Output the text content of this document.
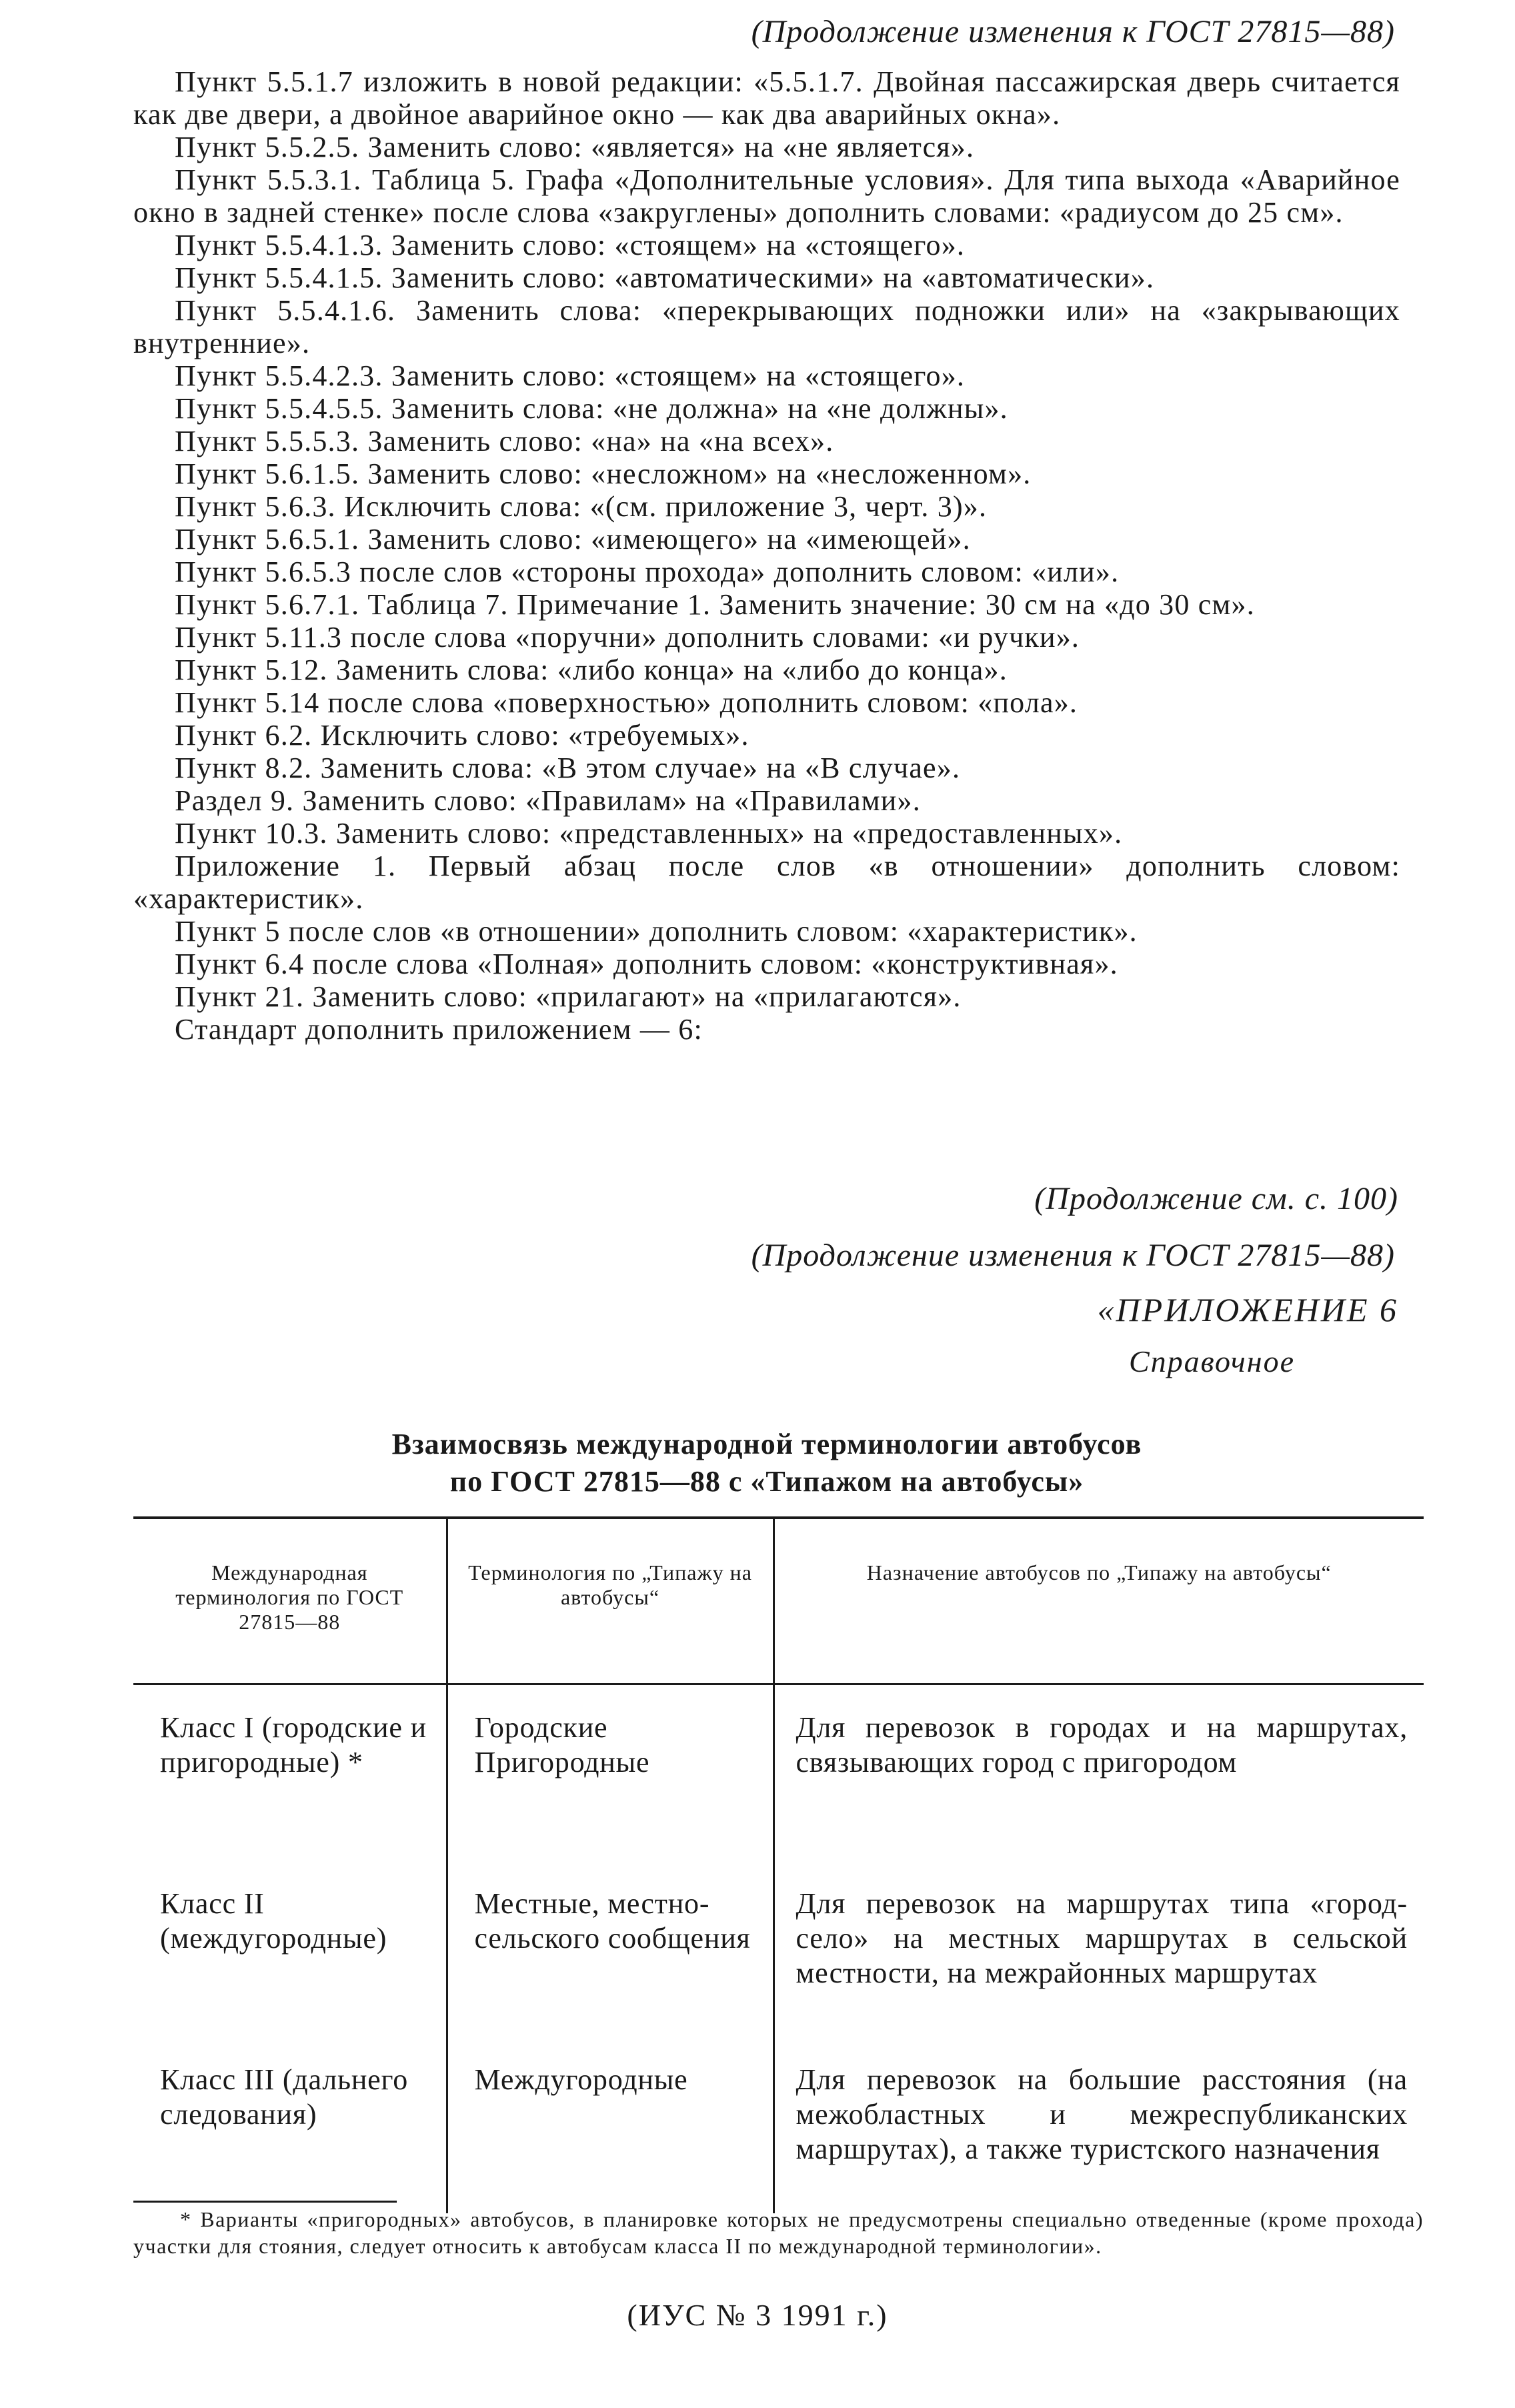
(Продолжение изменения к ГОСТ 27815—88)

Пункт 5.5.1.7 изложить в новой редакции: «5.5.1.7. Двойная пассажирская дверь считается как две двери, а двойное аварийное окно — как два аварийных окна».

Пункт 5.5.2.5. Заменить слово: «является» на «не является».

Пункт 5.5.3.1. Таблица 5. Графа «Дополнительные условия». Для типа выхода «Аварийное окно в задней стенке» после слова «закруглены» дополнить словами: «радиусом до 25 см».

Пункт 5.5.4.1.3. Заменить слово: «стоящем» на «стоящего».

Пункт 5.5.4.1.5. Заменить слово: «автоматическими» на «автоматически».

Пункт 5.5.4.1.6. Заменить слова: «перекрывающих подножки или» на «закрывающих внутренние».

Пункт 5.5.4.2.3. Заменить слово: «стоящем» на «стоящего».

Пункт 5.5.4.5.5. Заменить слова: «не должна» на «не должны».

Пункт 5.5.5.3. Заменить слово: «на» на «на всех».

Пункт 5.6.1.5. Заменить слово: «несложном» на «несложенном».

Пункт 5.6.3. Исключить слова: «(см. приложение 3, черт. 3)».

Пункт 5.6.5.1. Заменить слово: «имеющего» на «имеющей».

Пункт 5.6.5.3 после слов «стороны прохода» дополнить словом: «или».

Пункт 5.6.7.1. Таблица 7. Примечание 1. Заменить значение: 30 см на «до 30 см».

Пункт 5.11.3 после слова «поручни» дополнить словами: «и ручки».

Пункт 5.12. Заменить слова: «либо конца» на «либо до конца».

Пункт 5.14 после слова «поверхностью» дополнить словом: «пола».

Пункт 6.2. Исключить слово: «требуемых».

Пункт 8.2. Заменить слова: «В этом случае» на «В случае».

Раздел 9. Заменить слово: «Правилам» на «Правилами».

Пункт 10.3. Заменить слово: «представленных» на «предоставленных».

Приложение 1. Первый абзац после слов «в отношении» дополнить словом: «характеристик».

Пункт 5 после слов «в отношении» дополнить словом: «характеристик».

Пункт 6.4 после слова «Полная» дополнить словом: «конструктивная».

Пункт 21. Заменить слово: «прилагают» на «прилагаются».

Стандарт дополнить приложением — 6:

(Продолжение см. с. 100)

(Продолжение изменения к ГОСТ 27815—88)

«ПРИЛОЖЕНИЕ 6

Справочное

Взаимосвязь международной терминологии автобусов
по ГОСТ 27815—88 с «Типажом на автобусы»
Международная терминология по ГОСТ 27815—88	Терминология по „Типажу на автобусы“	Назначение автобусов по „Типажу на автобусы“
Класс I (городские и пригородные) *	Городские Пригородные	Для перевозок в городах и на маршрутах, связывающих город с пригородом
Класс II (междугородные)	Местные, местно-сельского сообщения	Для перевозок на маршрутах типа «город-село» на местных маршрутах в сельской местности, на межрайонных маршрутах
Класс III (дальнего следования)	Междугородные	Для перевозок на большие расстояния (на межобластных и межреспубликанских маршрутах), а также туристского назначения

* Варианты «пригородных» автобусов, в планировке которых не предусмотрены специально отведенные (кроме прохода) участки для стояния, следует относить к автобусам класса II по международной терминологии».

(ИУС № 3 1991 г.)
